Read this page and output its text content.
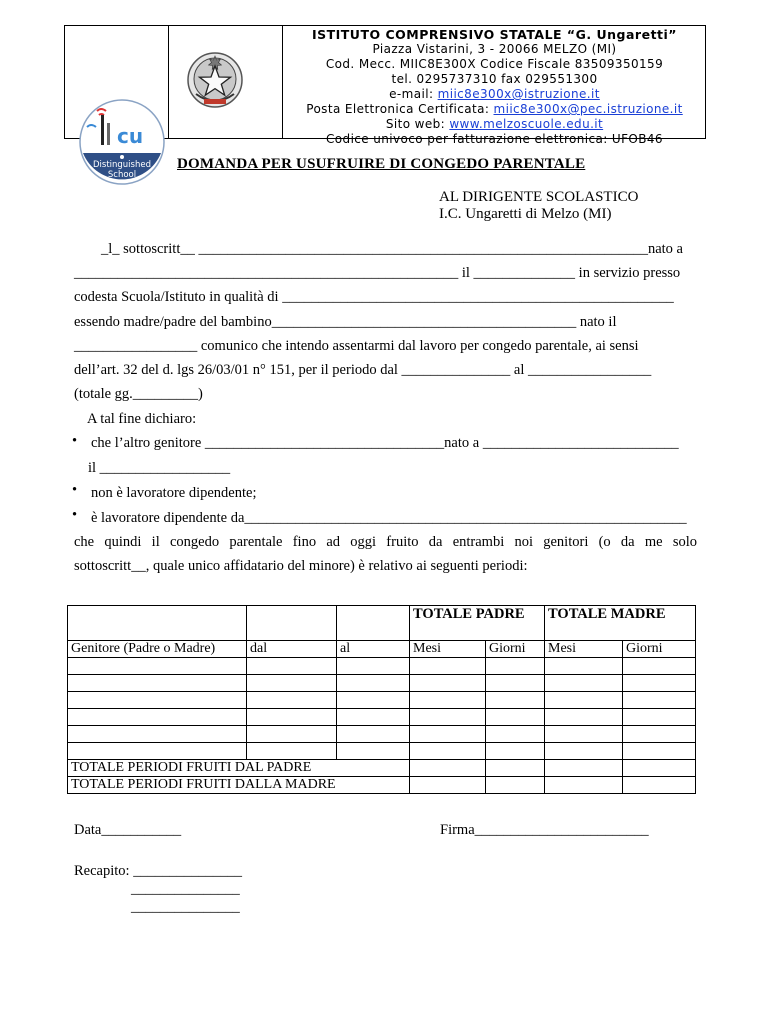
cu
Distinguished
School
ISTITUTO COMPRENSIVO STATALE “G. Ungaretti”
Piazza Vistarini, 3 - 20066 MELZO (MI)
Cod. Mecc. MIIC8E300X Codice Fiscale 83509350159
tel. 0295737310 fax 029551300
e-mail: miic8e300x@istruzione.it
Posta Elettronica Certificata: miic8e300x@pec.istruzione.it
Sito web: www.melzoscuole.edu.it
Codice univoco per fatturazione elettronica: UFOB46
DOMANDA PER USUFRUIRE DI CONGEDO PARENTALE
AL DIRIGENTE SCOLASTICO
I.C. Ungaretti di Melzo (MI)
_l_ sottoscritt__ ______________________________________________________________nato a
_____________________________________________________ il ______________ in servizio presso
codesta Scuola/Istituto in qualità di ______________________________________________________
essendo madre/padre del bambino__________________________________________ nato il
_________________ comunico che intendo assentarmi dal lavoro per congedo parentale, ai sensi
dell’art. 32 del d. lgs 26/03/01 n° 151, per il periodo dal _______________ al _________________
(totale gg._________)
A tal fine dichiaro:
• che l’altro genitore _________________________________nato a ___________________________
il __________________
• non è lavoratore dipendente;
• è lavoratore dipendente da_____________________________________________________________
che quindi il congedo parentale fino ad oggi fruito da entrambi noi genitori (o da me solo
sottoscritt__, quale unico affidatario del minore) è relativo ai seguenti periodi:
			TOTALE PADRE		TOTALE MADRE	
Genitore (Padre o Madre)	dal	al	Mesi	Giorni	Mesi	Giorni

TOTALE PERIODI FRUITI DAL PADRE						
TOTALE PERIODI FRUITI DALLA MADRE						
Data___________	Firma________________________
Recapito: _______________
_______________
_______________
